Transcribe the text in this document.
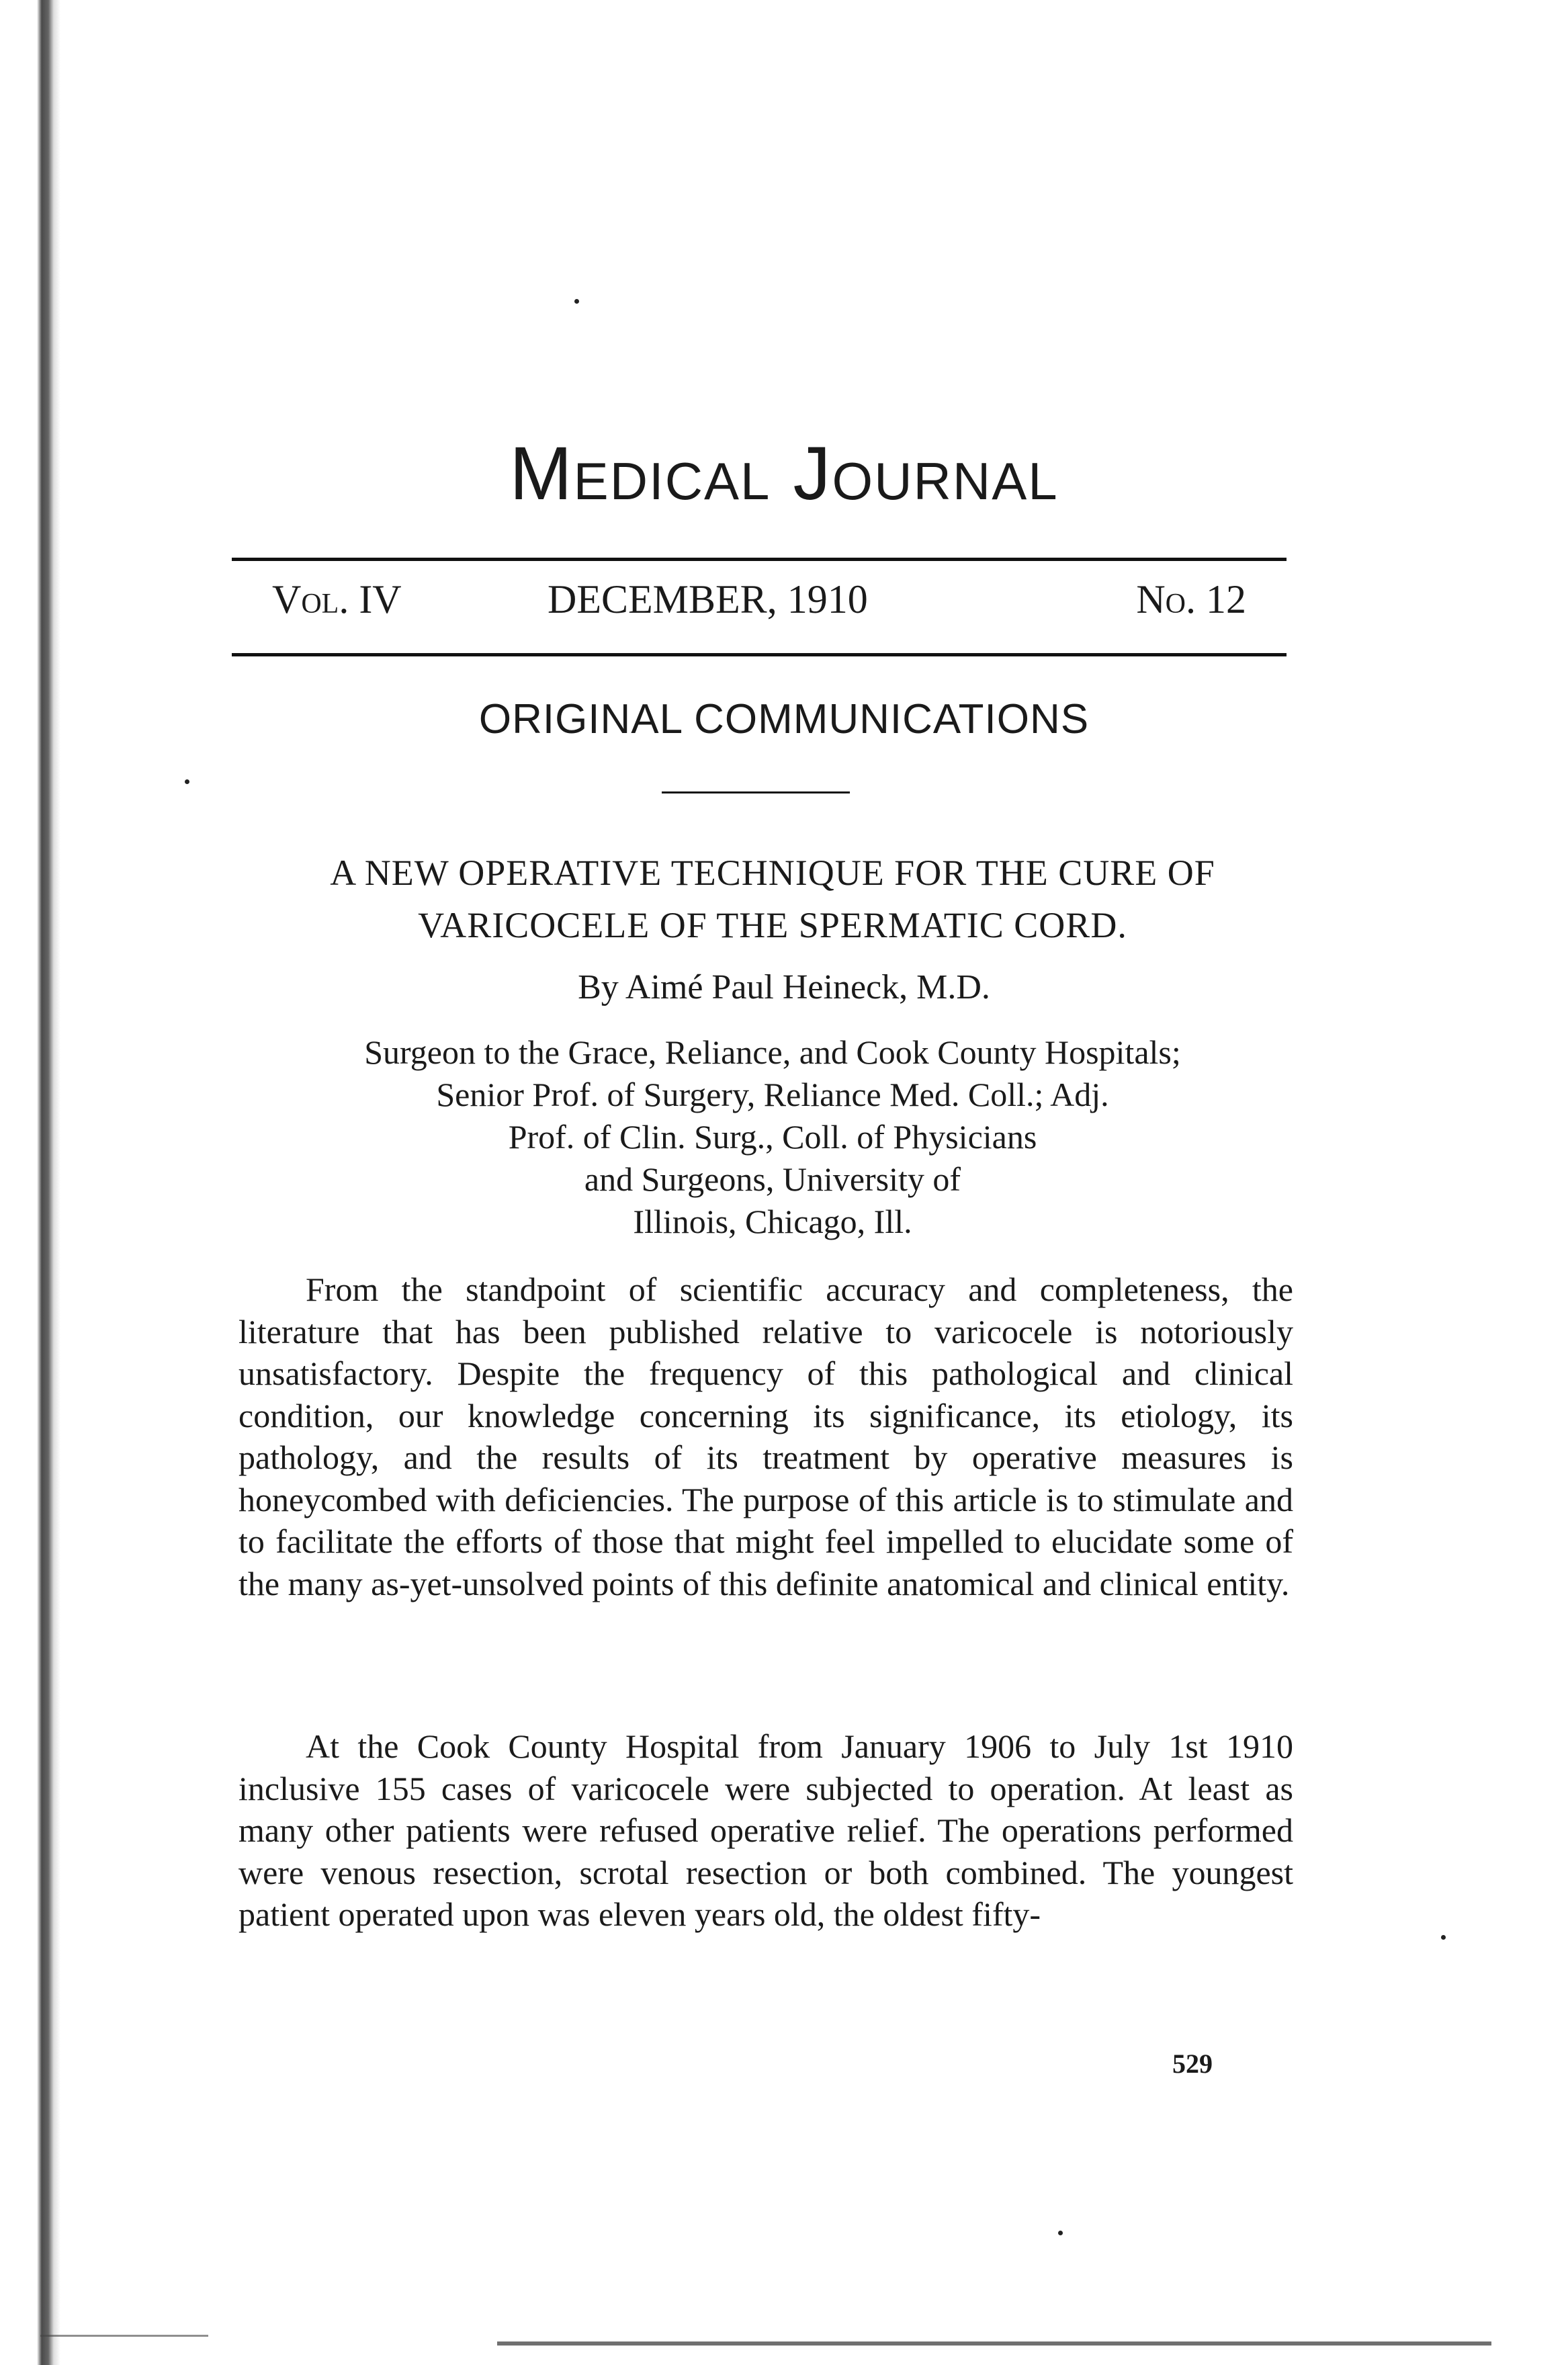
Medical Journal
Vol. IV	DECEMBER, 1910	No. 12
ORIGINAL COMMUNICATIONS
A NEW OPERATIVE TECHNIQUE FOR THE CURE OF
VARICOCELE OF THE SPERMATIC CORD.
By Aimé Paul Heineck, M.D.
Surgeon to the Grace, Reliance, and Cook County Hospitals;
Senior Prof. of Surgery, Reliance Med. Coll.; Adj.
Prof. of Clin. Surg., Coll. of Physicians
and Surgeons, University of
Illinois, Chicago, Ill.

From the standpoint of scientific accuracy and completeness, the literature that has been published relative to varicocele is notoriously unsatisfactory. Despite the frequency of this pathological and clinical condition, our knowledge concerning its significance, its etiology, its pathology, and the results of its treatment by operative measures is honeycombed with deficiencies. The purpose of this article is to stimulate and to facilitate the efforts of those that might feel impelled to elucidate some of the many as-yet-unsolved points of this definite anatomical and clinical entity.

At the Cook County Hospital from January 1906 to July 1st 1910 inclusive 155 cases of varicocele were subjected to operation. At least as many other patients were refused operative relief. The operations performed were venous resection, scrotal resection or both combined. The youngest patient operated upon was eleven years old, the oldest fifty-

529
